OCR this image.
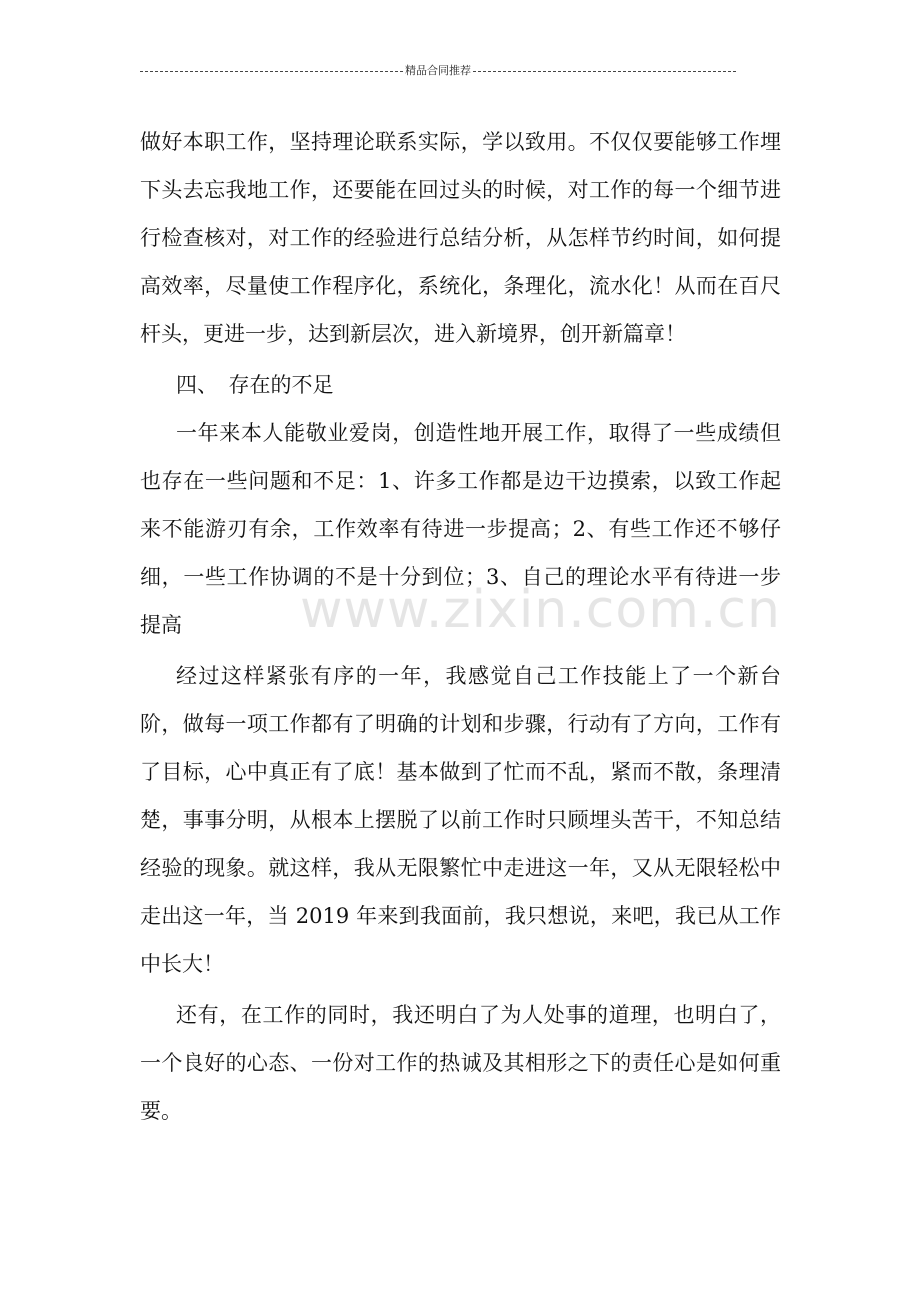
精品合同推荐
www.zixin.com.cn

做好本职工作，坚持理论联系实际，学以致用。不仅仅要能够工作埋下头去忘我地工作，还要能在回过头的时候，对工作的每一个细节进行检查核对，对工作的经验进行总结分析，从怎样节约时间，如何提高效率，尽量使工作程序化，系统化，条理化，流水化！从而在百尺杆头，更进一步，达到新层次，进入新境界，创开新篇章！

四、　存在的不足

一年来本人能敬业爱岗，创造性地开展工作，取得了一些成绩但也存在一些问题和不足：1、许多工作都是边干边摸索，以致工作起来不能游刃有余，工作效率有待进一步提高；2、有些工作还不够仔细，一些工作协调的不是十分到位；3、自己的理论水平有待进一步提高

经过这样紧张有序的一年，我感觉自己工作技能上了一个新台阶，做每一项工作都有了明确的计划和步骤，行动有了方向，工作有了目标，心中真正有了底！基本做到了忙而不乱，紧而不散，条理清楚，事事分明，从根本上摆脱了以前工作时只顾埋头苦干，不知总结经验的现象。就这样，我从无限繁忙中走进这一年，又从无限轻松中走出这一年，当 2019 年来到我面前，我只想说，来吧，我已从工作中长大！

还有，在工作的同时，我还明白了为人处事的道理，也明白了，一个良好的心态、一份对工作的热诚及其相形之下的责任心是如何重要。
